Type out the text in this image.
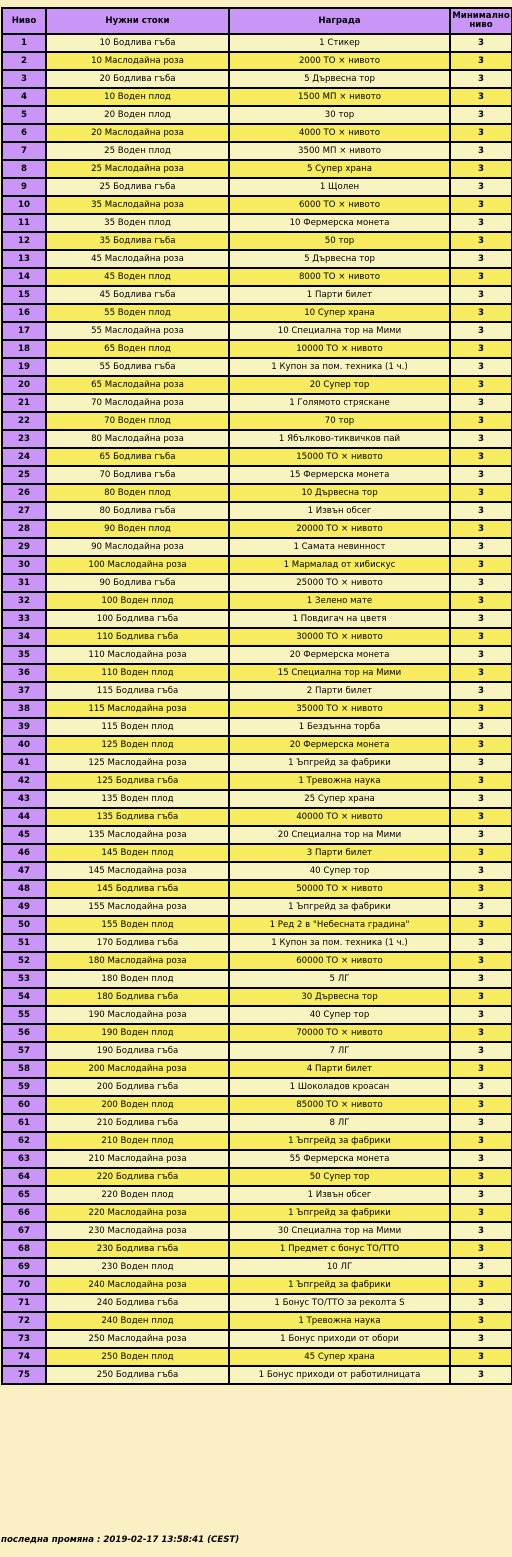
Ниво	Нужни стоки	Награда	Минимално ниво
1	10 Бодлива гъба	1 Стикер	3
2	10 Маслодайна роза	2000 ТО × нивото	3
3	20 Бодлива гъба	5 Дървесна тор	3
4	10 Воден плод	1500 МП × нивото	3
5	20 Воден плод	30 тор	3
6	20 Маслодайна роза	4000 ТО × нивото	3
7	25 Воден плод	3500 МП × нивото	3
8	25 Маслодайна роза	5 Супер храна	3
9	25 Бодлива гъба	1 Щолен	3
10	35 Маслодайна роза	6000 ТО × нивото	3
11	35 Воден плод	10 Фермерска монета	3
12	35 Бодлива гъба	50 тор	3
13	45 Маслодайна роза	5 Дървесна тор	3
14	45 Воден плод	8000 ТО × нивото	3
15	45 Бодлива гъба	1 Парти билет	3
16	55 Воден плод	10 Супер храна	3
17	55 Маслодайна роза	10 Специална тор на Мими	3
18	65 Воден плод	10000 ТО × нивото	3
19	55 Бодлива гъба	1 Купон за пом. техника (1 ч.)	3
20	65 Маслодайна роза	20 Супер тор	3
21	70 Маслодайна роза	1 Голямото стряскане	3
22	70 Воден плод	70 тор	3
23	80 Маслодайна роза	1 Ябълково-тиквичков пай	3
24	65 Бодлива гъба	15000 ТО × нивото	3
25	70 Бодлива гъба	15 Фермерска монета	3
26	80 Воден плод	10 Дървесна тор	3
27	80 Бодлива гъба	1 Извън обсег	3
28	90 Воден плод	20000 ТО × нивото	3
29	90 Маслодайна роза	1 Самата невинност	3
30	100 Маслодайна роза	1 Мармалад от хибискус	3
31	90 Бодлива гъба	25000 ТО × нивото	3
32	100 Воден плод	1 Зелено мате	3
33	100 Бодлива гъба	1 Повдигач на цветя	3
34	110 Бодлива гъба	30000 ТО × нивото	3
35	110 Маслодайна роза	20 Фермерска монета	3
36	110 Воден плод	15 Специална тор на Мими	3
37	115 Бодлива гъба	2 Парти билет	3
38	115 Маслодайна роза	35000 ТО × нивото	3
39	115 Воден плод	1 Бездънна торба	3
40	125 Воден плод	20 Фермерска монета	3
41	125 Маслодайна роза	1 Ъпгрейд за фабрики	3
42	125 Бодлива гъба	1 Тревожна наука	3
43	135 Воден плод	25 Супер храна	3
44	135 Бодлива гъба	40000 ТО × нивото	3
45	135 Маслодайна роза	20 Специална тор на Мими	3
46	145 Воден плод	3 Парти билет	3
47	145 Маслодайна роза	40 Супер тор	3
48	145 Бодлива гъба	50000 ТО × нивото	3
49	155 Маслодайна роза	1 Ъпгрейд за фабрики	3
50	155 Воден плод	1 Ред 2 в "Небесната градина"	3
51	170 Бодлива гъба	1 Купон за пом. техника (1 ч.)	3
52	180 Маслодайна роза	60000 ТО × нивото	3
53	180 Воден плод	5 ЛГ	3
54	180 Бодлива гъба	30 Дървесна тор	3
55	190 Маслодайна роза	40 Супер тор	3
56	190 Воден плод	70000 ТО × нивото	3
57	190 Бодлива гъба	7 ЛГ	3
58	200 Маслодайна роза	4 Парти билет	3
59	200 Бодлива гъба	1 Шоколадов кроасан	3
60	200 Воден плод	85000 ТО × нивото	3
61	210 Бодлива гъба	8 ЛГ	3
62	210 Воден плод	1 Ъпгрейд за фабрики	3
63	210 Маслодайна роза	55 Фермерска монета	3
64	220 Бодлива гъба	50 Супер тор	3
65	220 Воден плод	1 Извън обсег	3
66	220 Маслодайна роза	1 Ъпгрейд за фабрики	3
67	230 Маслодайна роза	30 Специална тор на Мими	3
68	230 Бодлива гъба	1 Предмет с бонус ТО/ТТО	3
69	230 Воден плод	10 ЛГ	3
70	240 Маслодайна роза	1 Ъпгрейд за фабрики	3
71	240 Бодлива гъба	1 Бонус ТО/ТТО за реколта S	3
72	240 Воден плод	1 Тревожна наука	3
73	250 Маслодайна роза	1 Бонус приходи от обори	3
74	250 Воден плод	45 Супер храна	3
75	250 Бодлива гъба	1 Бонус приходи от работилницата	3
последна промяна : 2019-02-17 13:58:41 (CEST)
